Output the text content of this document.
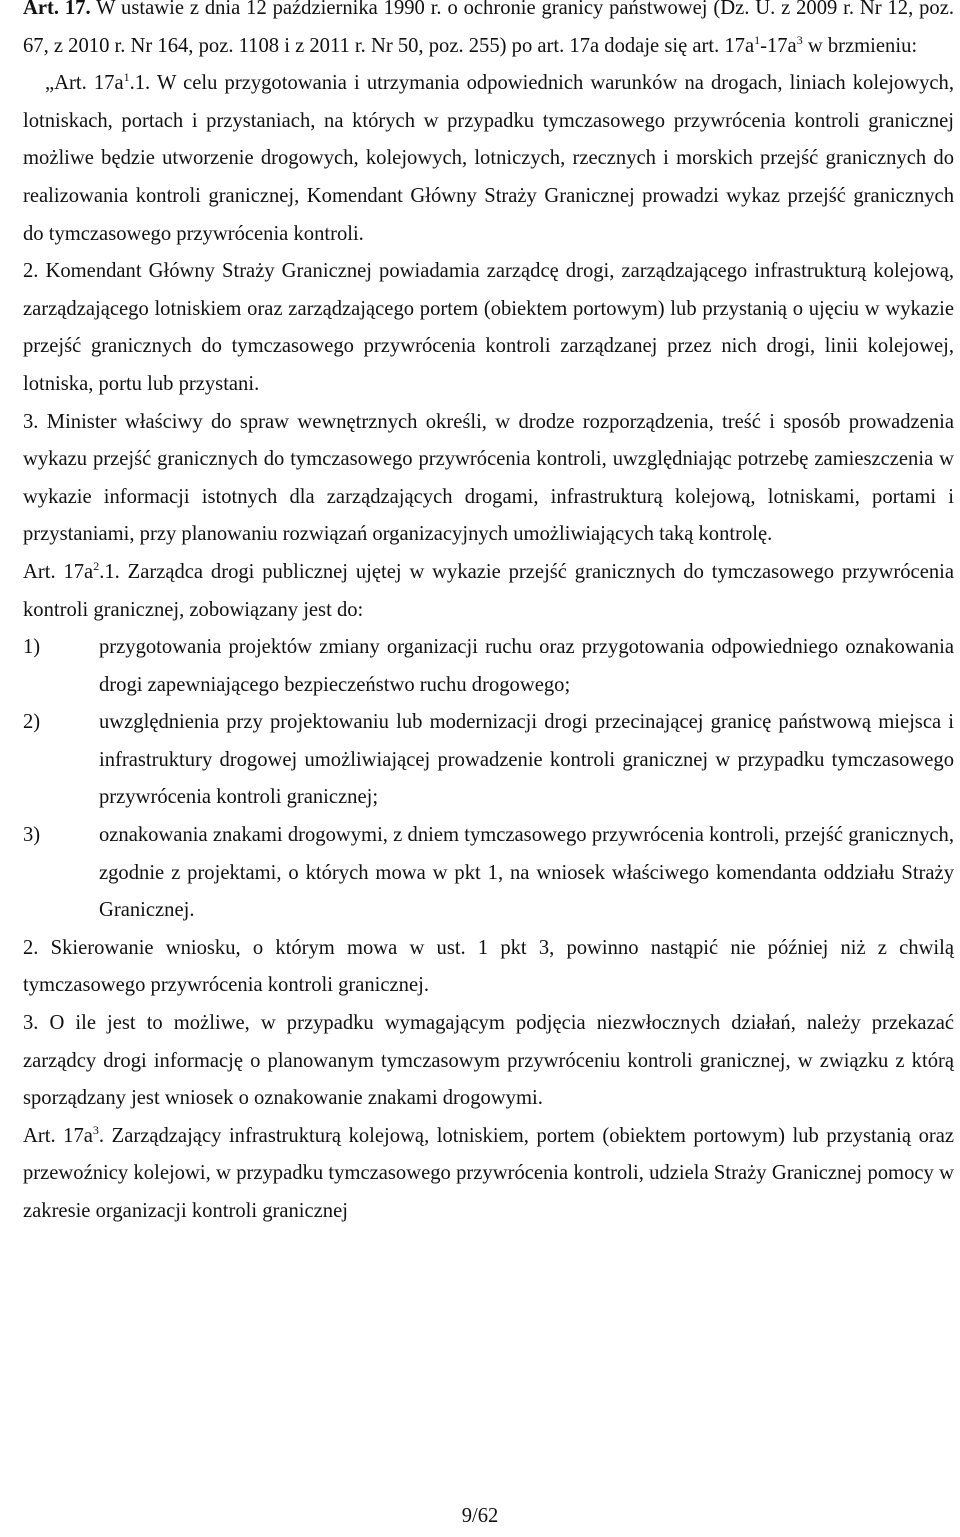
Art. 17. W ustawie z dnia 12 października 1990 r. o ochronie granicy państwowej (Dz. U. z 2009 r. Nr 12, poz. 67, z 2010 r. Nr 164, poz. 1108 i z 2011 r. Nr 50, poz. 255) po art. 17a dodaje się art. $17a^1-17a^3$ w brzmieniu:

„Art. $17a^1.1$. W celu przygotowania i utrzymania odpowiednich warunków na drogach, liniach kolejowych, lotniskach, portach i przystaniach, na których w przypadku tymczasowego przywrócenia kontroli granicznej możliwe będzie utworzenie drogowych, kolejowych, lotniczych, rzecznych i morskich przejść granicznych do realizowania kontroli granicznej, Komendant Główny Straży Granicznej prowadzi wykaz przejść granicznych do tymczasowego przywrócenia kontroli.

2. Komendant Główny Straży Granicznej powiadamia zarządcę drogi, zarządzającego infrastrukturą kolejową, zarządzającego lotniskiem oraz zarządzającego portem (obiektem portowym) lub przystanią o ujęciu w wykazie przejść granicznych do tymczasowego przywrócenia kontroli zarządzanej przez nich drogi, linii kolejowej, lotniska, portu lub przystani.

3. Minister właściwy do spraw wewnętrznych określi, w drodze rozporządzenia, treść i sposób prowadzenia wykazu przejść granicznych do tymczasowego przywrócenia kontroli, uwzględniając potrzebę zamieszczenia w wykazie informacji istotnych dla zarządzających drogami, infrastrukturą kolejową, lotniskami, portami i przystaniami, przy planowaniu rozwiązań organizacyjnych umożliwiających taką kontrolę.

Art. $17a^2.1$. Zarządca drogi publicznej ujętej w wykazie przejść granicznych do tymczasowego przywrócenia kontroli granicznej, zobowiązany jest do:

1)	przygotowania projektów zmiany organizacji ruchu oraz przygotowania odpowiedniego oznakowania drogi zapewniającego bezpieczeństwo ruchu drogowego;
2)	uwzględnienia przy projektowaniu lub modernizacji drogi przecinającej granicę państwową miejsca i infrastruktury drogowej umożliwiającej prowadzenie kontroli granicznej w przypadku tymczasowego przywrócenia kontroli granicznej;
3)	oznakowania znakami drogowymi, z dniem tymczasowego przywrócenia kontroli, przejść granicznych, zgodnie z projektami, o których mowa w pkt 1, na wniosek właściwego komendanta oddziału Straży Granicznej.

2. Skierowanie wniosku, o którym mowa w ust. 1 pkt 3, powinno nastąpić nie później niż z chwilą tymczasowego przywrócenia kontroli granicznej.

3. O ile jest to możliwe, w przypadku wymagającym podjęcia niezwłocznych działań, należy przekazać zarządcy drogi informację o planowanym tymczasowym przywróceniu kontroli granicznej, w związku z którą sporządzany jest wniosek o oznakowanie znakami drogowymi.

Art. $17a^3$. Zarządzający infrastrukturą kolejową, lotniskiem, portem (obiektem portowym) lub przystanią oraz przewoźnicy kolejowi, w przypadku tymczasowego przywrócenia kontroli, udziela Straży Granicznej pomocy w zakresie organizacji kontroli granicznej

9/62
